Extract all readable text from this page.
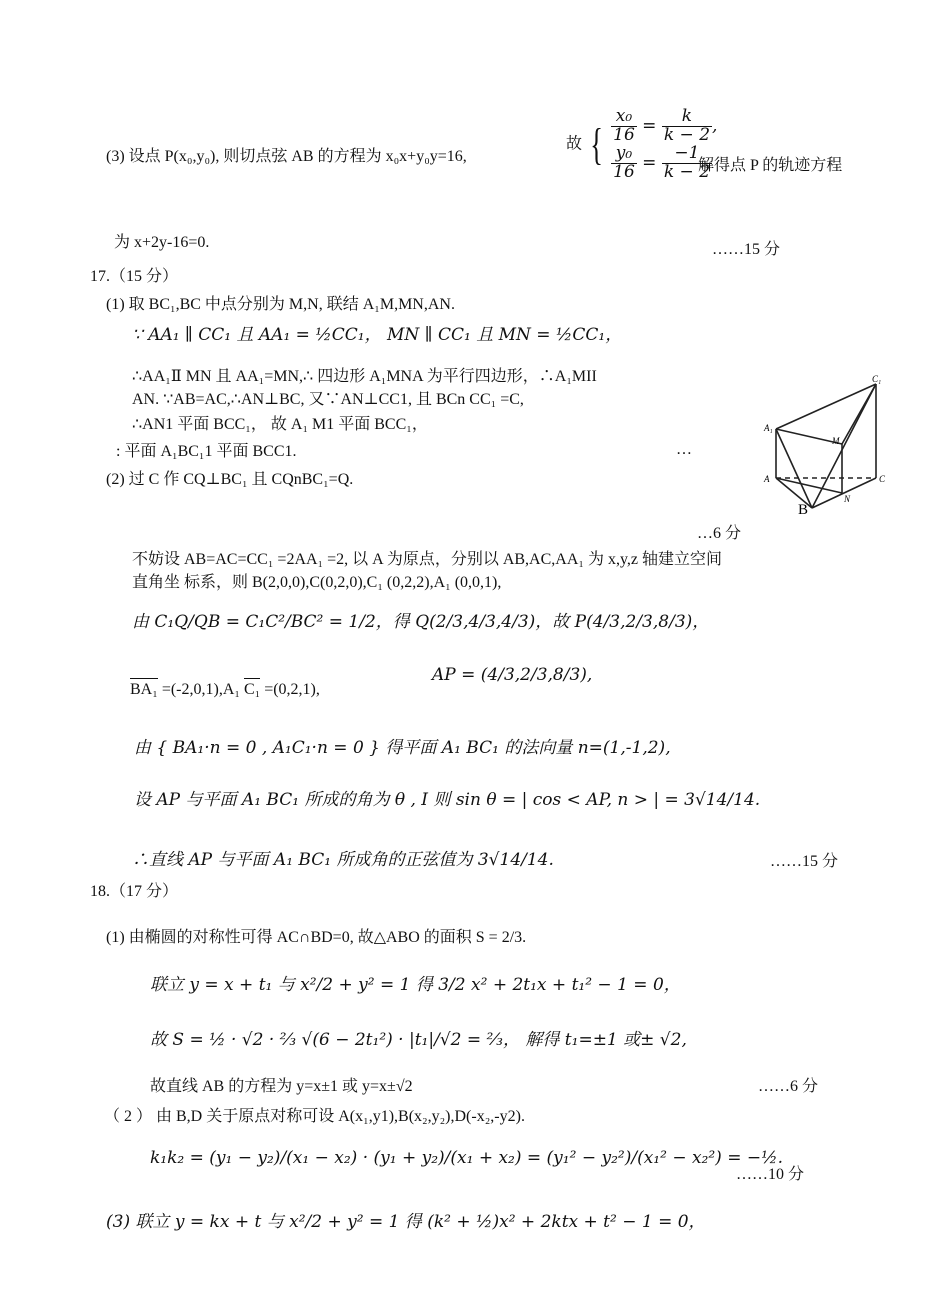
(3) 设点 P(x₀,y₀), 则切点弦 AB 的方程为 x₀x+y₀y=16,
故 { $\frac{\text{x₀}}{16} = \frac{k}{k - 2}$ ,
$\frac{\text{y₀}}{16} = \frac{-1}{k - 2}$
解得点 P 的轨迹方程
为 x+2y-16=0.	……15 分
17.（15 分）
(1) 取 BC₁,BC 中点分别为 M,N, 联结 A₁M,MN,AN.
∵ AA₁ ∥ CC₁ 且 AA₁ = ½CC₁， MN ∥ CC₁ 且 MN = ½CC₁，
∴AA₁Ⅱ MN 且 AA₁=MN,∴ 四边形 A₁MNA 为平行四边形，∴A₁MII
AN. ∵AB=AC,∴AN⊥BC, 又∵AN⊥CC1, 且 BCn CC₁ =C,
∴AN1 平面 BCC₁， 故 A₁ M1 平面 BCC₁，
: 平面 A₁BC₁1 平面 BCC1.	…
(2) 过 C 作 CQ⊥BC₁ 且 CQnBC₁=Q.
A₁
C₁
A	C
M
N
B
…6 分
不妨设 AB=AC=CC₁ =2AA₁ =2, 以 A 为原点，分别以 AB,AC,AA₁ 为 x,y,z 轴建立空间
直角坐 标系，则 B(2,0,0),C(0,2,0),C₁ (0,2,2),A₁ (0,0,1),
由 C₁Q/QB = C₁C²/BC² = 1/2，得 Q(2/3,4/3,4/3)，故 P(4/3,2/3,8/3)，
BA₁ =(-2,0,1),A₁ C₁ =(0,2,1),
AP = (4/3,2/3,8/3),
由 { BA₁·n = 0 , A₁C₁·n = 0 } 得平面 A₁ BC₁ 的法向量 n=(1,-1,2),
设 AP 与平面 A₁ BC₁ 所成的角为 θ , I 则 sin θ = | cos < AP, n > | = 3√14/14.
∴直线 AP 与平面 A₁ BC₁ 所成角的正弦值为 3√14/14.	……15 分
18.（17 分）
(1) 由椭圆的对称性可得 AC∩BD=0, 故△ABO 的面积 S = 2/3.
联立 y = x + t₁ 与 x²/2 + y² = 1 得 3/2 x² + 2t₁x + t₁² − 1 = 0，
故 S = ½ · √2 · ⅔ √(6 − 2t₁²) · |t₁|/√2 = ⅔， 解得 t₁=±1 或± √2,
故直线 AB 的方程为 y=x±1 或 y=x±√2	……6 分
（ 2 ） 由 B,D 关于原点对称可设 A(x₁,y1),B(x₂,y₂),D(-x₂,-y2).
k₁k₂ = (y₁ − y₂)/(x₁ − x₂) · (y₁ + y₂)/(x₁ + x₂) = (y₁² − y₂²)/(x₁² − x₂²) = −½.
……10 分
(3) 联立 y = kx + t 与 x²/2 + y² = 1 得 (k² + ½)x² + 2ktx + t² − 1 = 0，
